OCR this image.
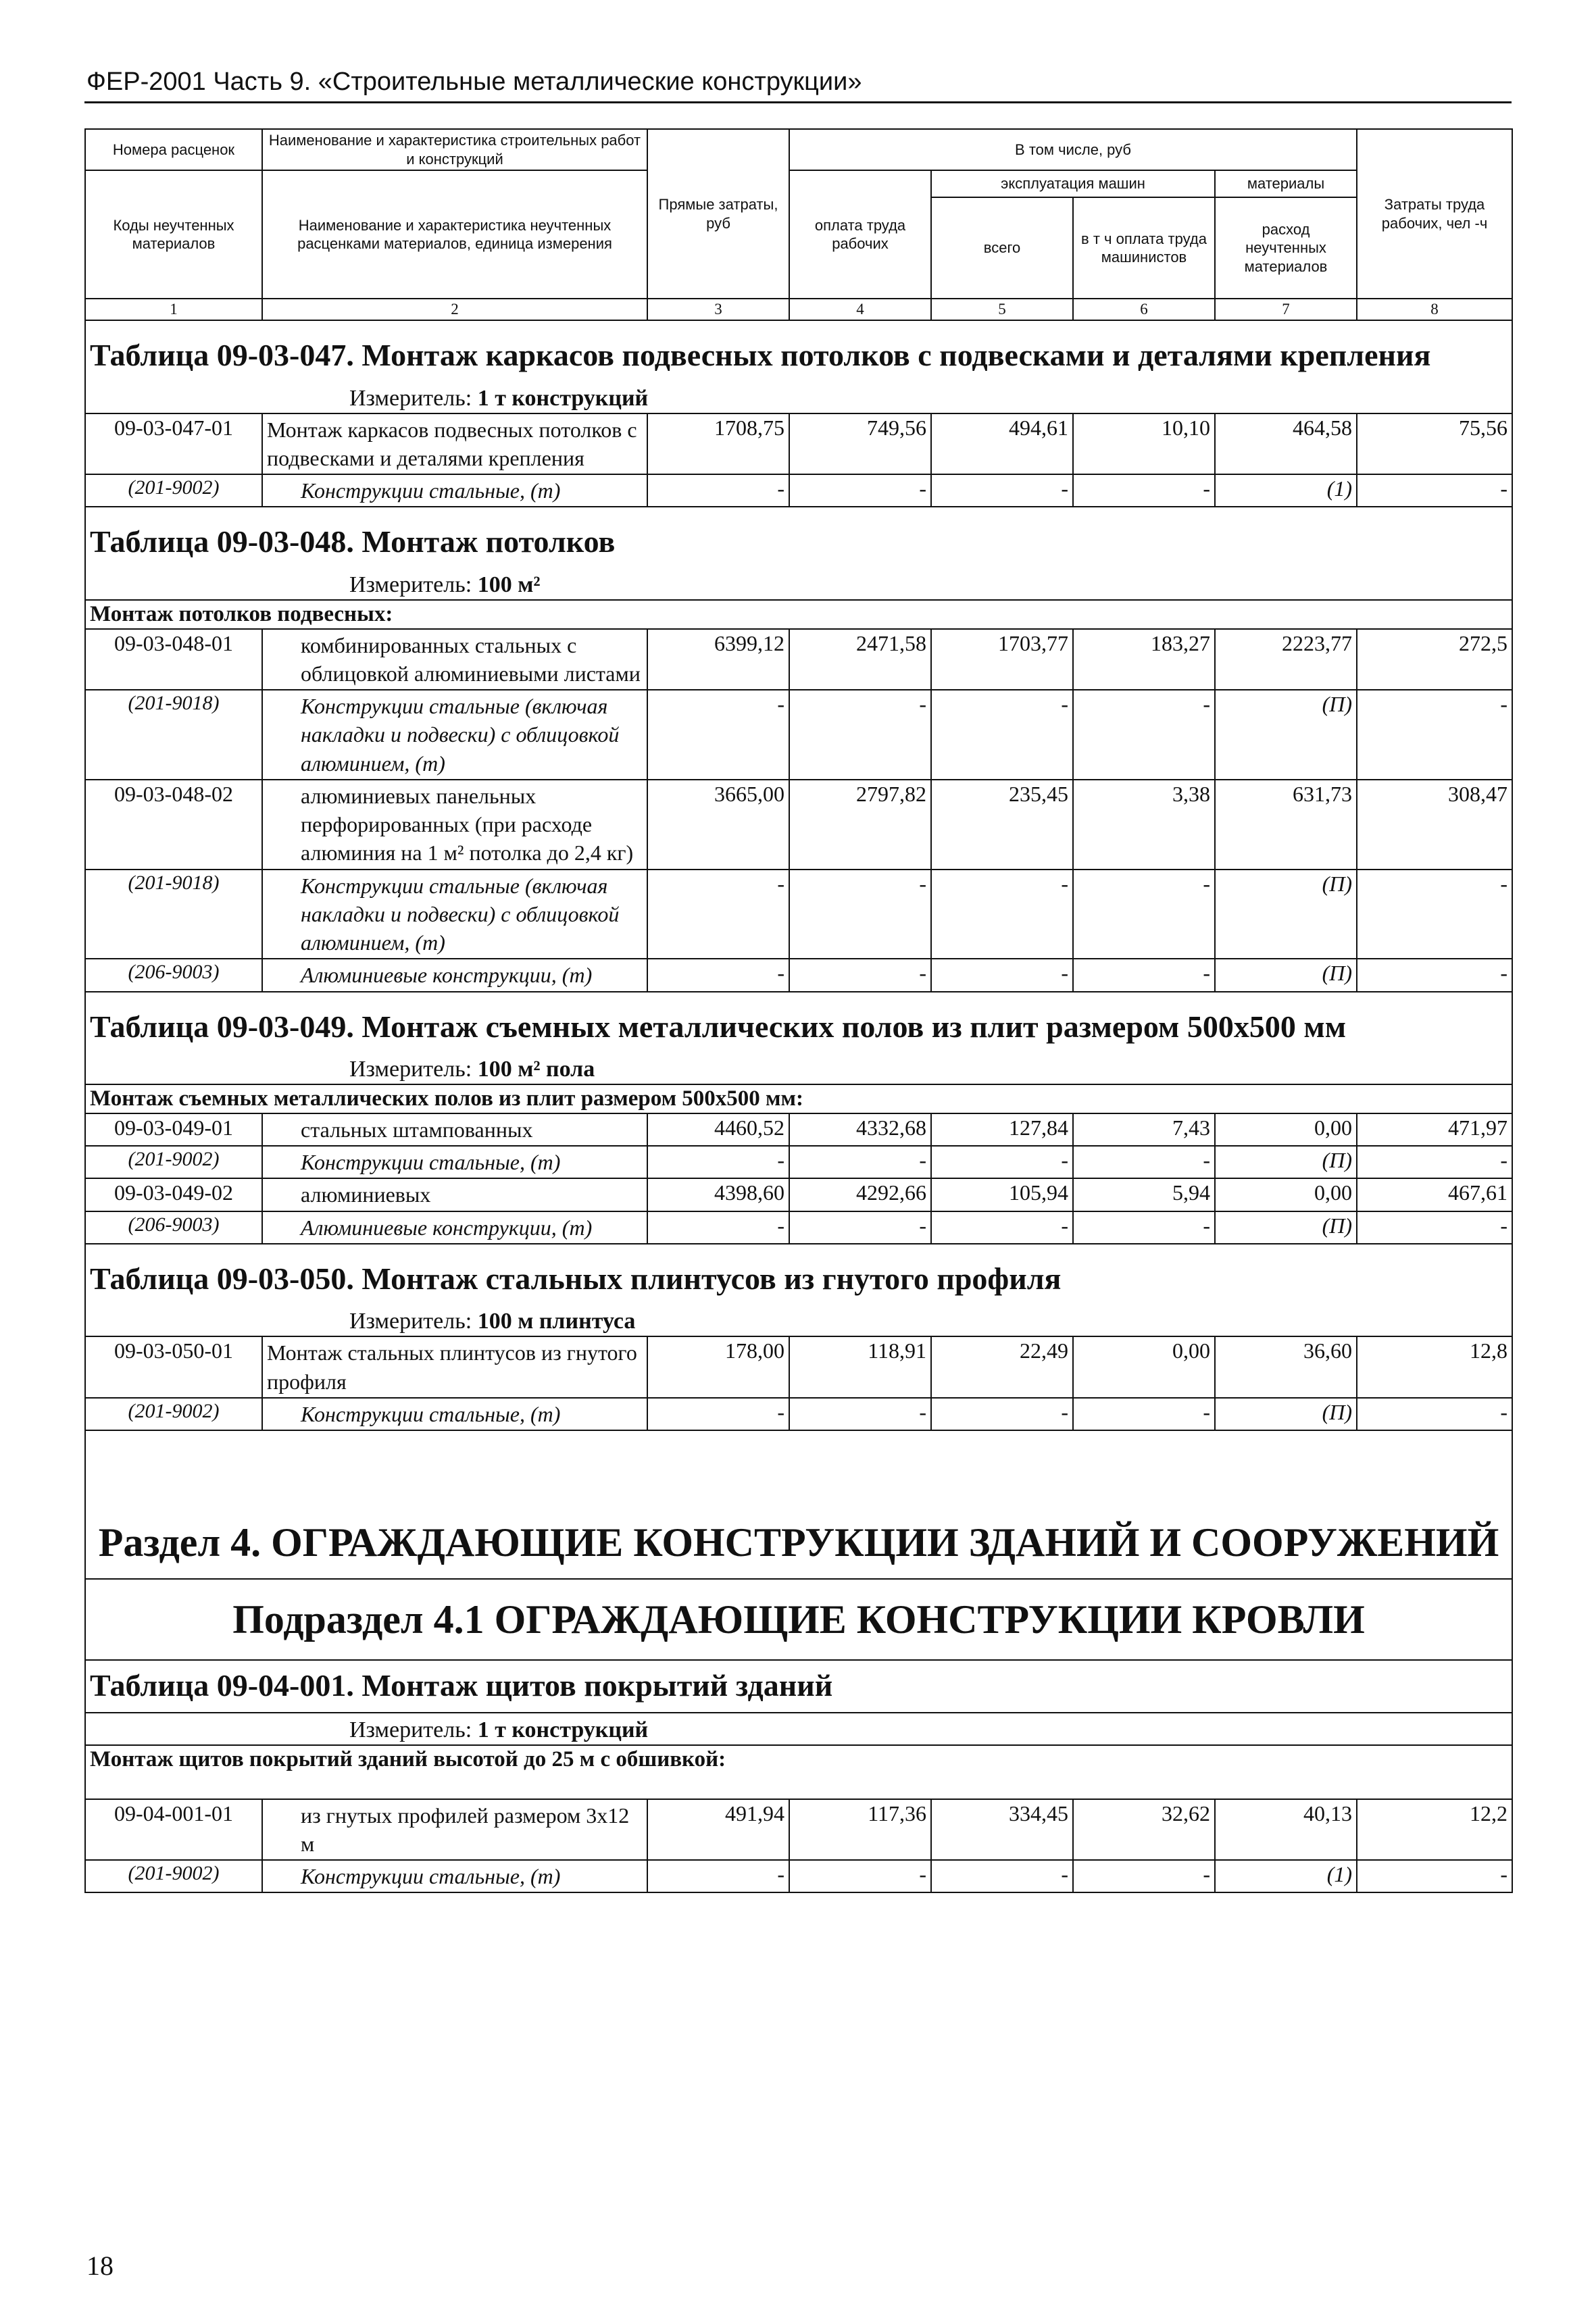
ФЕР-2001 Часть 9. «Строительные металлические конструкции»
Номера расценок	Наименование и характеристика строительных работ и конструкций	Прямые затраты, руб	В том числе, руб				Затраты труда рабочих, чел -ч
Коды неучтенных материалов	Наименование и характеристика неучтенных расценками материалов, единица измерения		оплата труда рабочих	эксплуатация машин		материалы	
				всего	в т ч оплата труда машинистов	расход неучтенных материалов	
1	2	3	4	5	6	7	8
Таблица 09-03-047. Монтаж каркасов подвесных потолков с подвесками и деталями крепления							
Измеритель: 1 т конструкций							
09-03-047-01	Монтаж каркасов подвесных потолков с подвесками и деталями крепления	1708,75	749,56	494,61	10,10	464,58	75,56
(201-9002)	Конструкции стальные, (т)	-	-	-	-	(1)	-
Таблица 09-03-048. Монтаж потолков							
Измеритель: 100 м²							
Монтаж потолков подвесных:							
09-03-048-01	комбинированных стальных с облицовкой алюминиевыми листами	6399,12	2471,58	1703,77	183,27	2223,77	272,5
(201-9018)	Конструкции стальные (включая накладки и подвески) с облицовкой алюминием, (т)	-	-	-	-	(П)	-
09-03-048-02	алюминиевых панельных перфорированных (при расходе алюминия на 1 м² потолка до 2,4 кг)	3665,00	2797,82	235,45	3,38	631,73	308,47
(201-9018)	Конструкции стальные (включая накладки и подвески) с облицовкой алюминием, (т)	-	-	-	-	(П)	-
(206-9003)	Алюминиевые конструкции, (т)	-	-	-	-	(П)	-
Таблица 09-03-049. Монтаж съемных металлических полов из плит размером 500х500 мм							
Измеритель: 100 м² пола							
Монтаж съемных металлических полов из плит размером 500х500 мм:							
09-03-049-01	стальных штампованных	4460,52	4332,68	127,84	7,43	0,00	471,97
(201-9002)	Конструкции стальные, (т)	-	-	-	-	(П)	-
09-03-049-02	алюминиевых	4398,60	4292,66	105,94	5,94	0,00	467,61
(206-9003)	Алюминиевые конструкции, (т)	-	-	-	-	(П)	-
Таблица 09-03-050. Монтаж стальных плинтусов из гнутого профиля							
Измеритель: 100 м плинтуса							
09-03-050-01	Монтаж стальных плинтусов из гнутого профиля	178,00	118,91	22,49	0,00	36,60	12,8
(201-9002)	Конструкции стальные, (т)	-	-	-	-	(П)	-
Раздел 4. ОГРАЖДАЮЩИЕ КОНСТРУКЦИИ ЗДАНИЙ И СООРУЖЕНИЙ							
Подраздел 4.1 ОГРАЖДАЮЩИЕ КОНСТРУКЦИИ КРОВЛИ							
Таблица 09-04-001. Монтаж щитов покрытий зданий							
Измеритель: 1 т конструкций							
Монтаж щитов покрытий зданий высотой до 25 м с обшивкой:							
09-04-001-01	из гнутых профилей размером 3х12 м	491,94	117,36	334,45	32,62	40,13	12,2
(201-9002)	Конструкции стальные, (т)	-	-	-	-	(1)	-
18
